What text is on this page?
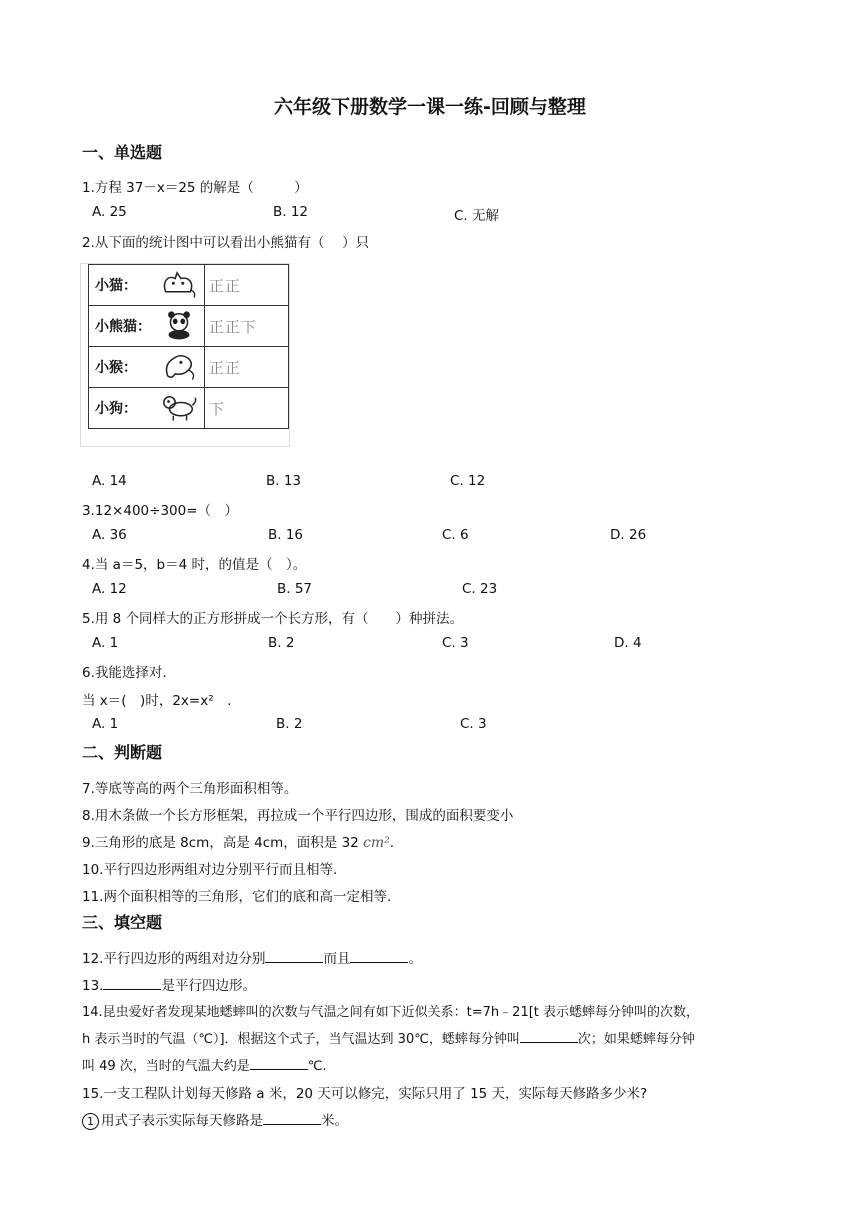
六年级下册数学一课一练-回顾与整理
一、单选题
1.方程 37－x＝25 的解是（　　　）
A. 25	B. 12	C. 无解
2.从下面的统计图中可以看出小熊猫有（　 ）只
小猫：	正正
小熊猫：	正正下
小猴：	正正
小狗：	下
A. 14	B. 13	C. 12
3.12×400÷300=（　）
A. 36	B. 16	C. 6	D. 26
4.当 a＝5，b＝4 时，的值是（　）。
A. 12	B. 57	C. 23
5.用 8 个同样大的正方形拼成一个长方形，有（　　）种拼法。
A. 1	B. 2	C. 3	D. 4
6.我能选择对.
当 x＝(　)时，2x=x²　.
A. 1	B. 2	C. 3
二、判断题
7.等底等高的两个三角形面积相等。
8.用木条做一个长方形框架，再拉成一个平行四边形，围成的面积要变小
9.三角形的底是 8cm，高是 4cm，面积是 32 cm².
10.平行四边形两组对边分别平行而且相等.
11.两个面积相等的三角形，它们的底和高一定相等.
三、填空题
12.平行四边形的两组对边分别	而且	。
13.	是平行四边形。
14.昆虫爱好者发现某地蟋蟀叫的次数与气温之间有如下近似关系：t=7h﹣21[t 表示蟋蟀每分钟叫的次数，
h 表示当时的气温（℃）]．根据这个式子，当气温达到 30℃，蟋蟀每分钟叫	次；如果蟋蟀每分钟
叫 49 次，当时的气温大约是	℃.
15.一支工程队计划每天修路 a 米，20 天可以修完，实际只用了 15 天，实际每天修路多少米?
1 用式子表示实际每天修路是	米。
